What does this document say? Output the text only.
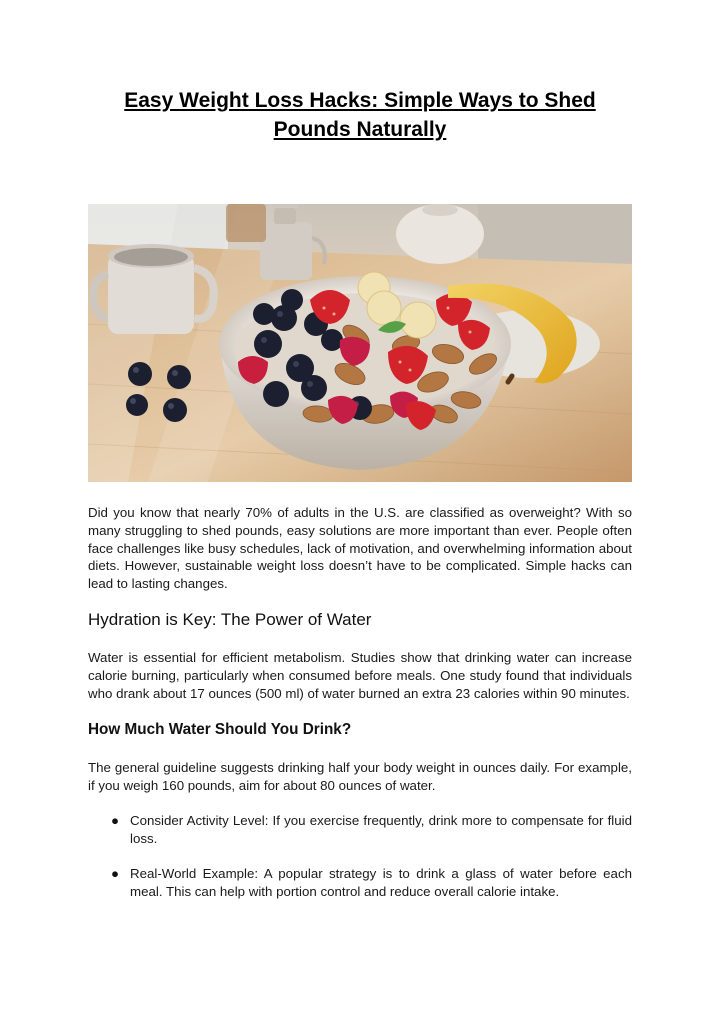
Easy Weight Loss Hacks: Simple Ways to Shed Pounds Naturally

Did you know that nearly 70% of adults in the U.S. are classified as overweight? With so many struggling to shed pounds, easy solutions are more important than ever. People often face challenges like busy schedules, lack of motivation, and overwhelming information about diets. However, sustainable weight loss doesn’t have to be complicated. Simple hacks can lead to lasting changes.

Hydration is Key: The Power of Water

Water is essential for efficient metabolism. Studies show that drinking water can increase calorie burning, particularly when consumed before meals. One study found that individuals who drank about 17 ounces (500 ml) of water burned an extra 23 calories within 90 minutes.

How Much Water Should You Drink?

The general guideline suggests drinking half your body weight in ounces daily. For example, if you weigh 160 pounds, aim for about 80 ounces of water.

● Consider Activity Level: If you exercise frequently, drink more to compensate for fluid loss.

● Real-World Example: A popular strategy is to drink a glass of water before each meal. This can help with portion control and reduce overall calorie intake.
